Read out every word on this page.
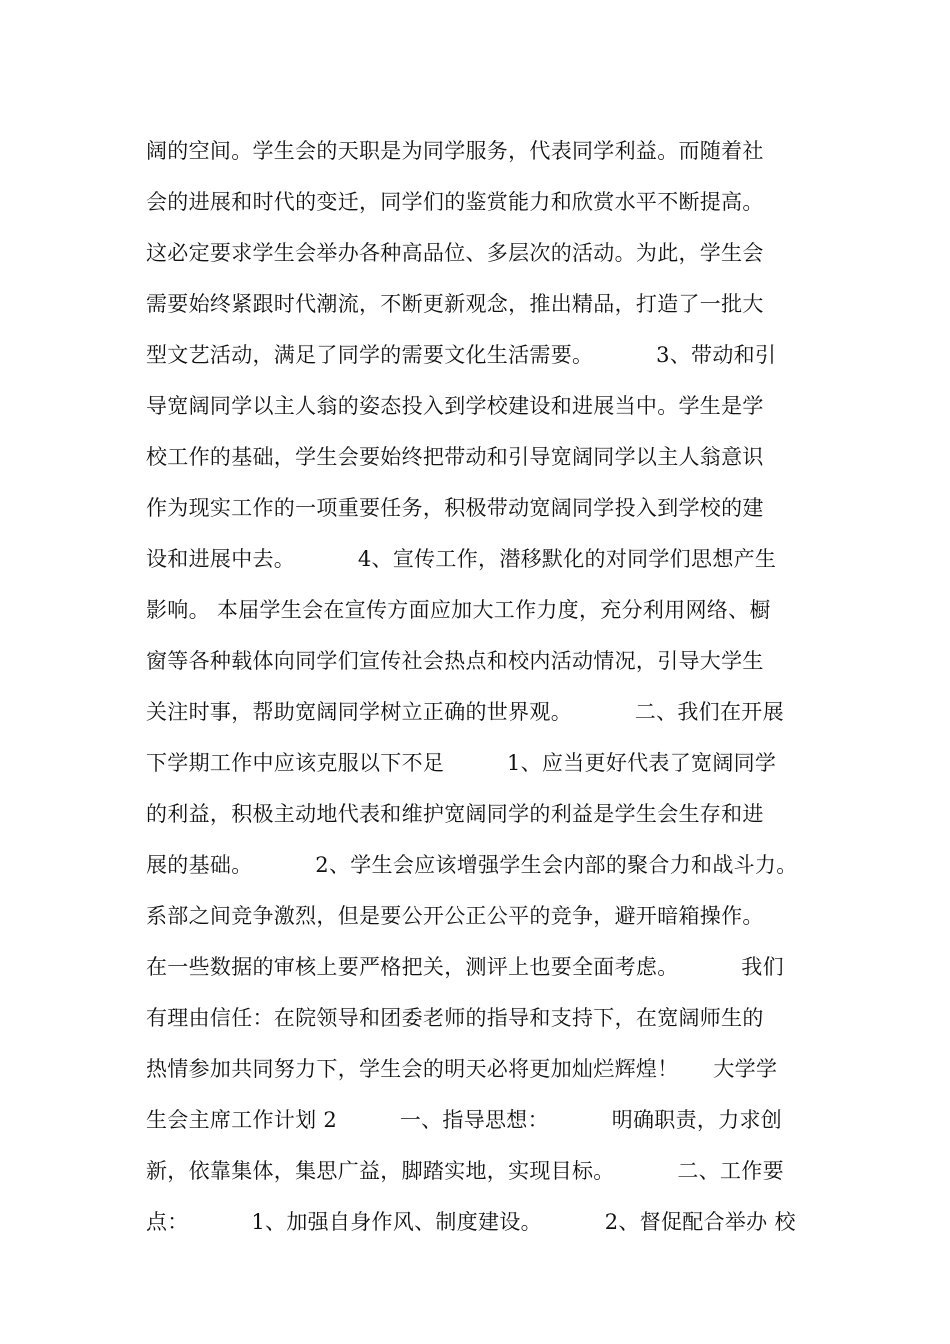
阔的空间。学生会的天职是为同学服务，代表同学利益。而随着社
会的进展和时代的变迁，同学们的鉴赏能力和欣赏水平不断提高。
这必定要求学生会举办各种高品位、多层次的活动。为此，学生会
需要始终紧跟时代潮流，不断更新观念，推出精品，打造了一批大
型文艺活动，满足了同学的需要文化生活需要。         3、带动和引
导宽阔同学以主人翁的姿态投入到学校建设和进展当中。学生是学
校工作的基础，学生会要始终把带动和引导宽阔同学以主人翁意识
作为现实工作的一项重要任务，积极带动宽阔同学投入到学校的建
设和进展中去。         4、宣传工作，潜移默化的对同学们思想产生
影响。 本届学生会在宣传方面应加大工作力度，充分利用网络、橱
窗等各种载体向同学们宣传社会热点和校内活动情况，引导大学生
关注时事，帮助宽阔同学树立正确的世界观。         二、我们在开展
下学期工作中应该克服以下不足         1、应当更好代表了宽阔同学
的利益，积极主动地代表和维护宽阔同学的利益是学生会生存和进
展的基础。         2、学生会应该增强学生会内部的聚合力和战斗力。
系部之间竞争激烈，但是要公开公正公平的竞争，避开暗箱操作。
在一些数据的审核上要严格把关，测评上也要全面考虑。         我们
有理由信任：在院领导和团委老师的指导和支持下，在宽阔师生的
热情参加共同努力下，学生会的明天必将更加灿烂辉煌！     大学学
生会主席工作计划 2         一、指导思想：         明确职责，力求创
新，依靠集体，集思广益，脚踏实地，实现目标。         二、工作要
点：         1、加强自身作风、制度建设。         2、督促配合举办 校
